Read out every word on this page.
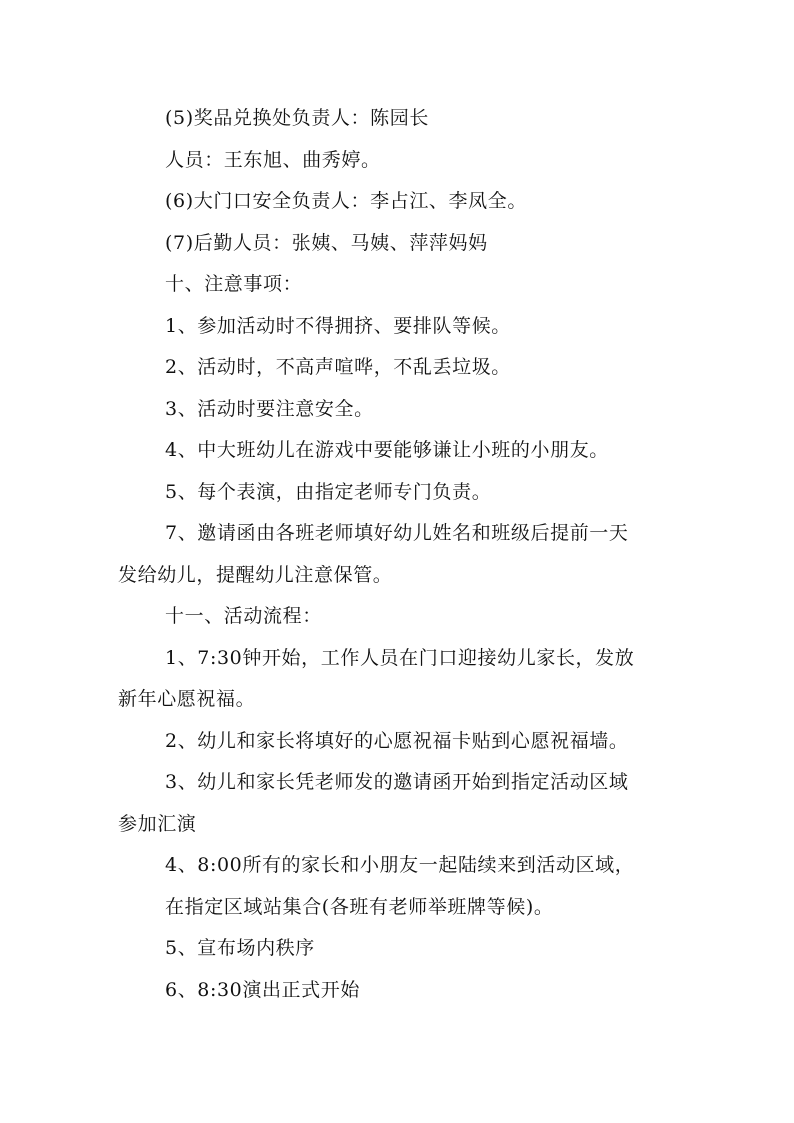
(5)奖品兑换处负责人：陈园长
人员：王东旭、曲秀婷。
(6)大门口安全负责人：李占江、李凤全。
(7)后勤人员：张姨、马姨、萍萍妈妈
十、注意事项：
1、参加活动时不得拥挤、要排队等候。
2、活动时，不高声喧哗，不乱丢垃圾。
3、活动时要注意安全。
4、中大班幼儿在游戏中要能够谦让小班的小朋友。
5、每个表演，由指定老师专门负责。
7、邀请函由各班老师填好幼儿姓名和班级后提前一天
发给幼儿，提醒幼儿注意保管。
十一、活动流程：
1、7:30钟开始，工作人员在门口迎接幼儿家长，发放
新年心愿祝福。
2、幼儿和家长将填好的心愿祝福卡贴到心愿祝福墙。
3、幼儿和家长凭老师发的邀请函开始到指定活动区域
参加汇演
4、8:00所有的家长和小朋友一起陆续来到活动区域，
在指定区域站集合(各班有老师举班牌等候)。
5、宣布场内秩序
6、8:30演出正式开始
